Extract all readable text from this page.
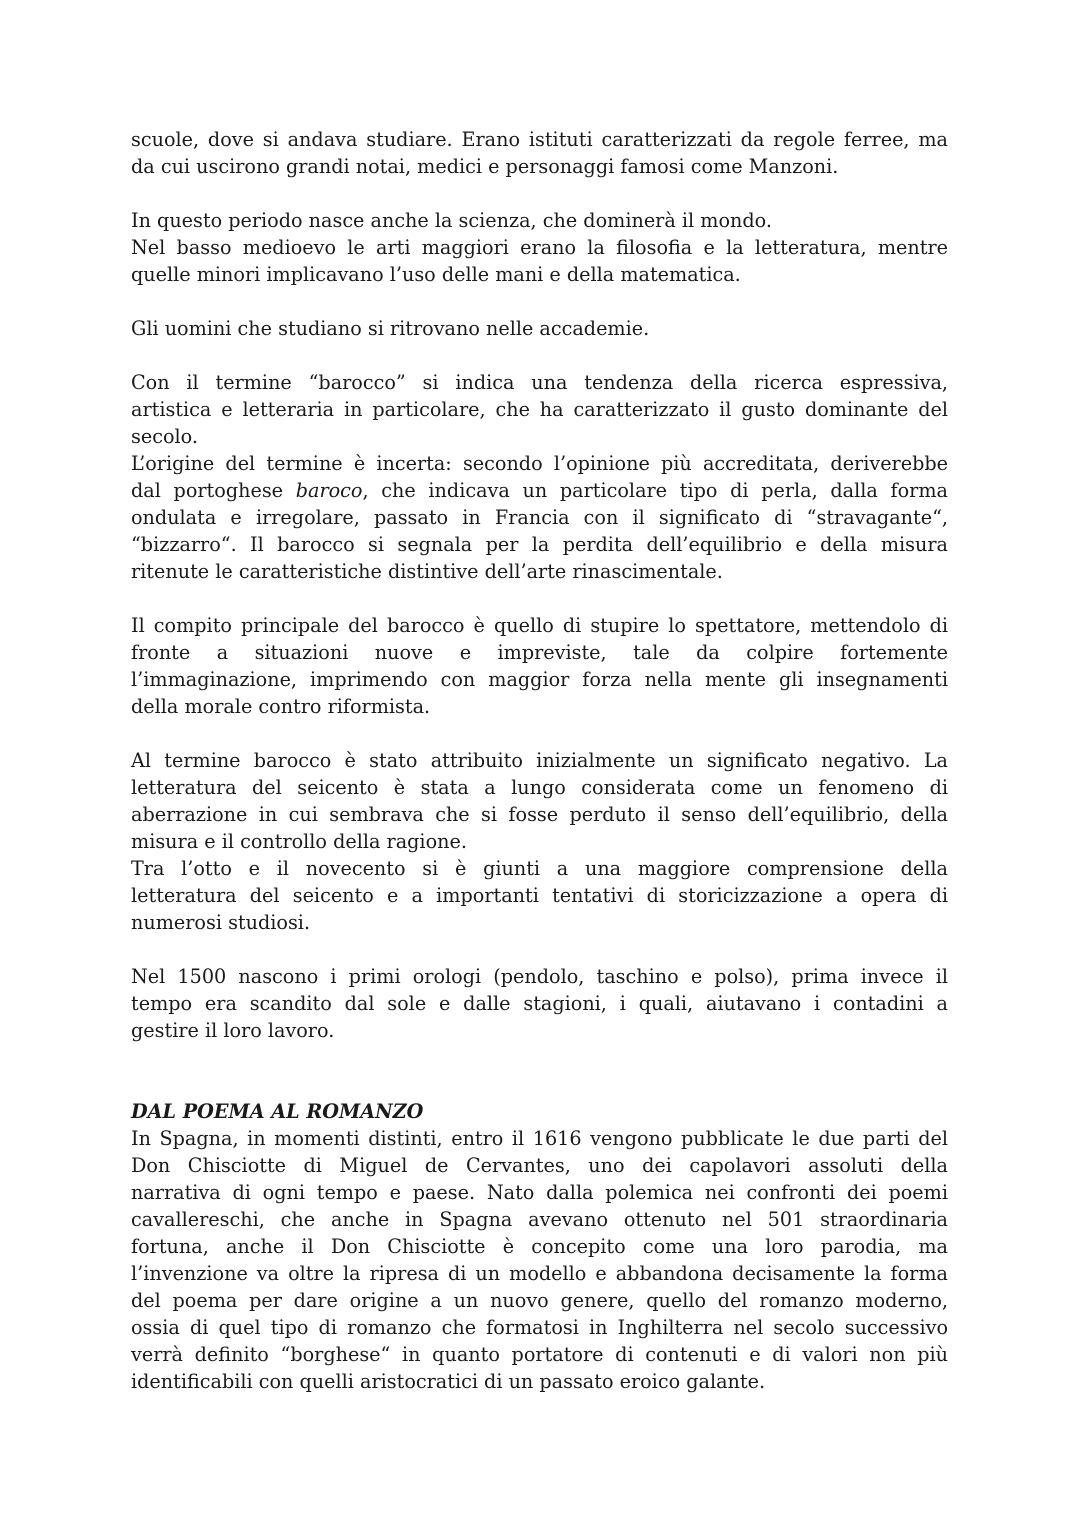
scuole, dove si andava studiare. Erano istituti caratterizzati da regole ferree, ma
da cui uscirono grandi notai, medici e personaggi famosi come Manzoni.
In questo periodo nasce anche la scienza, che dominerà il mondo.
Nel basso medioevo le arti maggiori erano la filosofia e la letteratura, mentre
quelle minori implicavano l’uso delle mani e della matematica.
Gli uomini che studiano si ritrovano nelle accademie.
Con il termine “barocco” si indica una tendenza della ricerca espressiva,
artistica e letteraria in particolare, che ha caratterizzato il gusto dominante del
secolo.
L’origine del termine è incerta: secondo l’opinione più accreditata, deriverebbe
dal portoghese baroco, che indicava un particolare tipo di perla, dalla forma
ondulata e irregolare, passato in Francia con il significato di “stravagante“,
“bizzarro“. Il barocco si segnala per la perdita dell’equilibrio e della misura
ritenute le caratteristiche distintive dell’arte rinascimentale.
Il compito principale del barocco è quello di stupire lo spettatore, mettendolo di
fronte a situazioni nuove e impreviste, tale da colpire fortemente
l’immaginazione, imprimendo con maggior forza nella mente gli insegnamenti
della morale contro riformista.
Al termine barocco è stato attribuito inizialmente un significato negativo. La
letteratura del seicento è stata a lungo considerata come un fenomeno di
aberrazione in cui sembrava che si fosse perduto il senso dell’equilibrio, della
misura e il controllo della ragione.
Tra l’otto e il novecento si è giunti a una maggiore comprensione della
letteratura del seicento e a importanti tentativi di storicizzazione a opera di
numerosi studiosi.
Nel 1500 nascono i primi orologi (pendolo, taschino e polso), prima invece il
tempo era scandito dal sole e dalle stagioni, i quali, aiutavano i contadini a
gestire il loro lavoro.
DAL POEMA AL ROMANZO
In Spagna, in momenti distinti, entro il 1616 vengono pubblicate le due parti del
Don Chisciotte di Miguel de Cervantes, uno dei capolavori assoluti della
narrativa di ogni tempo e paese. Nato dalla polemica nei confronti dei poemi
cavallereschi, che anche in Spagna avevano ottenuto nel 501 straordinaria
fortuna, anche il Don Chisciotte è concepito come una loro parodia, ma
l’invenzione va oltre la ripresa di un modello e abbandona decisamente la forma
del poema per dare origine a un nuovo genere, quello del romanzo moderno,
ossia di quel tipo di romanzo che formatosi in Inghilterra nel secolo successivo
verrà definito “borghese“ in quanto portatore di contenuti e di valori non più
identificabili con quelli aristocratici di un passato eroico galante.
